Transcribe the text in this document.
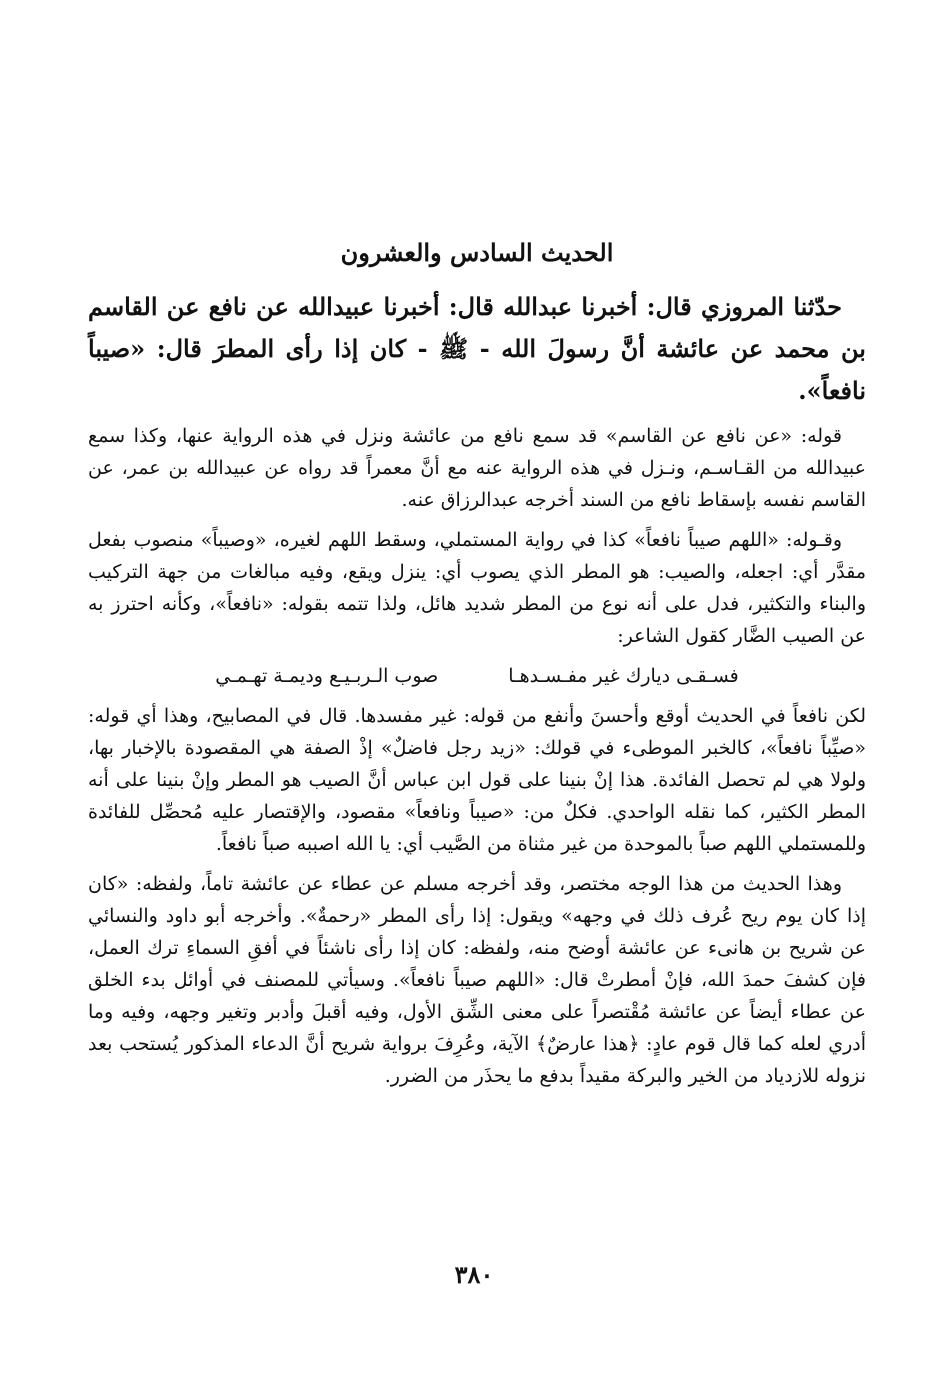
الحديث السادس والعشرون
حدّثنا المروزي قال: أخبرنا عبدالله قال: أخبرنا عبيدالله عن نافع عن القاسم بن محمد عن عائشة أنَّ رسولَ الله - ﷺ - كان إذا رأى المطرَ قال: «صيباً نافعاً».

قوله: «عن نافع عن القاسم» قد سمع نافع من عائشة ونزل في هذه الرواية عنها، وكذا سمع عبيدالله من القـاسـم، ونـزل في هذه الرواية عنه مع أنَّ معمراً قد رواه عن عبيدالله بن عمر، عن القاسم نفسه بإسقاط نافع من السند أخرجه عبدالرزاق عنه.

وقـوله: «اللهم صيباً نافعاً» كذا في رواية المستملي، وسقط اللهم لغيره، «وصيباً» منصوب بفعل مقدَّر أي: اجعله، والصيب: هو المطر الذي يصوب أي: ينزل ويقع، وفيه مبالغات من جهة التركيب والبناء والتكثير، فدل على أنه نوع من المطر شديد هائل، ولذا تتمه بقوله: «نافعاً»، وكأنه احترز به عن الصيب الضَّار كقول الشاعر:

فسـقـى ديارك غير مفـسـدهـا
صوب الـربـيـع وديمـة تهـمـي

لكن نافعاً في الحديث أوقع وأحسنَ وأنفع من قوله: غير مفسدها. قال في المصابيح، وهذا أي قوله: «صيِّباً نافعاً»، كالخبر الموطىء في قولك: «زيد رجل فاضلٌ» إذْ الصفة هي المقصودة بالإخبار بها، ولولا هي لم تحصل الفائدة. هذا إنْ بنينا على قول ابن عباس أنَّ الصيب هو المطر وإنْ بنينا على أنه المطر الكثير، كما نقله الواحدي. فكلٌ من: «صيباً ونافعاً» مقصود، والإقتصار عليه مُحصِّل للفائدة وللمستملي اللهم صباً بالموحدة من غير مثناة من الصَّيب أي: يا الله اصببه صباً نافعاً.

وهذا الحديث من هذا الوجه مختصر، وقد أخرجه مسلم عن عطاء عن عائشة تاماً، ولفظه: «كان إذا كان يوم ريح عُرف ذلك في وجهه» ويقول: إذا رأى المطر «رحمةٌ». وأخرجه أبو داود والنسائي عن شريح بن هانىء عن عائشة أوضح منه، ولفظه: كان إذا رأى ناشئاً في أفقِ السماءِ ترك العمل، فإن كشفَ حمدَ الله، فإنْ أمطرتْ قال: «اللهم صيباً نافعاً». وسيأتي للمصنف في أوائل بدء الخلق عن عطاء أيضاً عن عائشة مُقْتصراً على معنى الشِّق الأول، وفيه أقبلَ وأدبر وتغير وجهه، وفيه وما أدري لعله كما قال قوم عادٍ: ﴿هذا عارضٌ﴾ الآية، وعُرِفَ برواية شريح أنَّ الدعاء المذكور يُستحب بعد نزوله للازدياد من الخير والبركة مقيداً بدفع ما يحذَر من الضرر.

٣٨٠
